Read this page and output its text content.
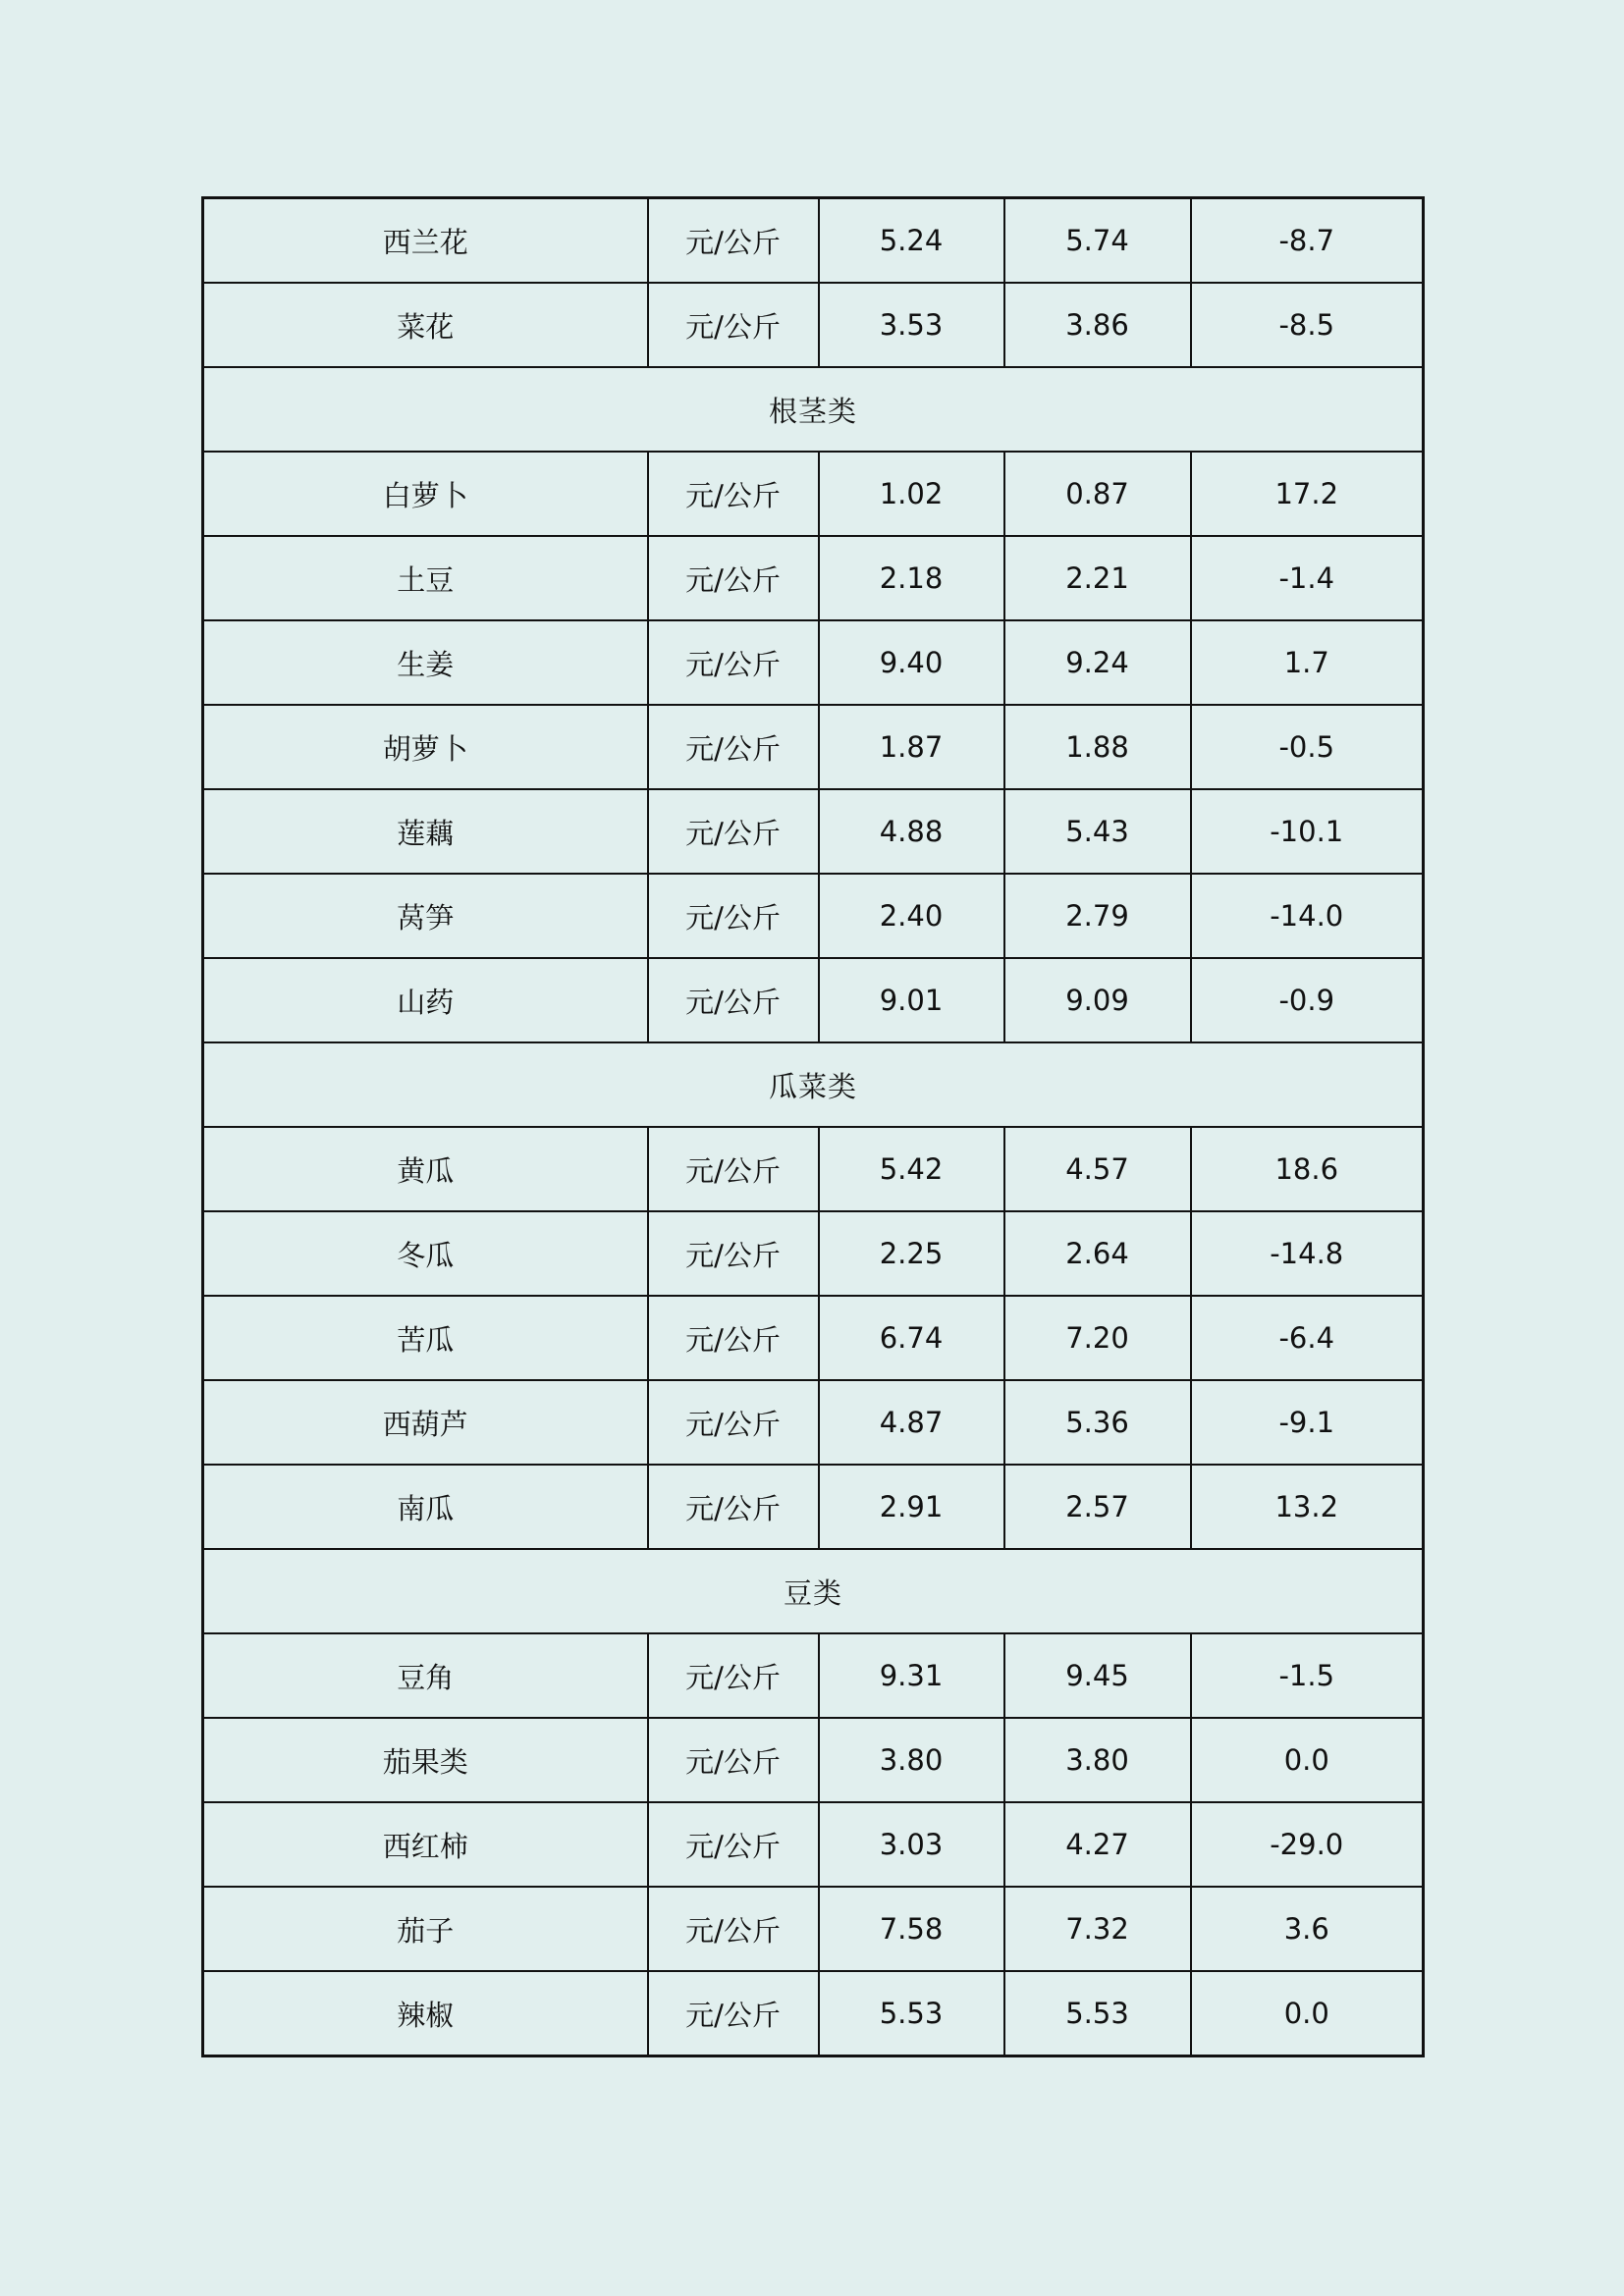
西兰花	元/公斤	5.24	5.74	-8.7
菜花	元/公斤	3.53	3.86	-8.5
根茎类				
白萝卜	元/公斤	1.02	0.87	17.2
土豆	元/公斤	2.18	2.21	-1.4
生姜	元/公斤	9.40	9.24	1.7
胡萝卜	元/公斤	1.87	1.88	-0.5
莲藕	元/公斤	4.88	5.43	-10.1
莴笋	元/公斤	2.40	2.79	-14.0
山药	元/公斤	9.01	9.09	-0.9
瓜菜类				
黄瓜	元/公斤	5.42	4.57	18.6
冬瓜	元/公斤	2.25	2.64	-14.8
苦瓜	元/公斤	6.74	7.20	-6.4
西葫芦	元/公斤	4.87	5.36	-9.1
南瓜	元/公斤	2.91	2.57	13.2
豆类				
豆角	元/公斤	9.31	9.45	-1.5
茄果类	元/公斤	3.80	3.80	0.0
西红柿	元/公斤	3.03	4.27	-29.0
茄子	元/公斤	7.58	7.32	3.6
辣椒	元/公斤	5.53	5.53	0.0
